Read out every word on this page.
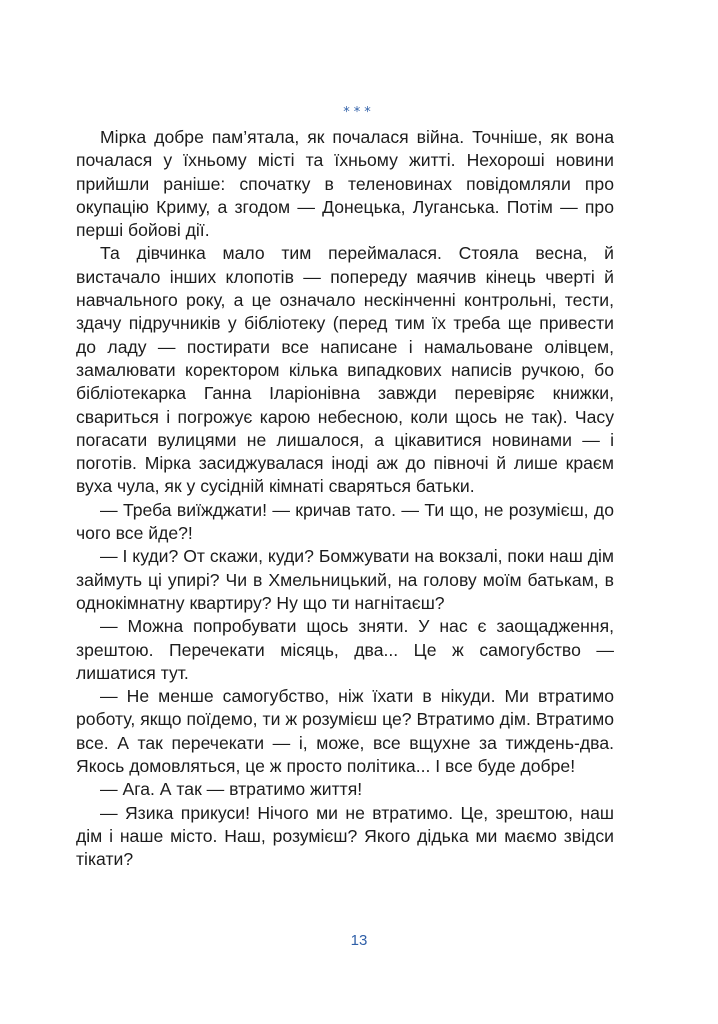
***

Мірка добре пам’ятала, як почалася війна. Точніше, як вона почалася у їхньому місті та їхньому житті. Нехороші новини прийшли раніше: спочатку в теленовинах повідомляли про окупацію Криму, а згодом — Донецька, Луганська. Потім — про перші бойові дії.

Та дівчинка мало тим переймалася. Стояла весна, й вистачало інших клопотів — попереду маячив кінець чверті й навчального року, а це означало нескінченні контрольні, тести, здачу підручників у бібліотеку (перед тим їх треба ще привести до ладу — постирати все написане і намальоване олівцем, замалювати коректором кілька випадкових написів ручкою, бо бібліотекарка Ганна Іларіонівна завжди перевіряє книжки, свариться і погрожує карою небесною, коли щось не так). Часу погасати вулицями не лишалося, а цікавитися новинами — і поготів. Мірка засиджувалася іноді аж до півночі й лише краєм вуха чула, як у сусідній кімнаті сваряться батьки.

— Треба виїжджати! — кричав тато. — Ти що, не розумієш, до чого все йде?!

— І куди? От скажи, куди? Бомжувати на вокзалі, поки наш дім займуть ці упирі? Чи в Хмельницький, на голову моїм батькам, в однокімнатну квартиру? Ну що ти нагнітаєш?

— Можна попробувати щось зняти. У нас є заощадження, зрештою. Перечекати місяць, два... Це ж самогубство — лишатися тут.

— Не менше самогубство, ніж їхати в нікуди. Ми втратимо роботу, якщо поїдемо, ти ж розумієш це? Втратимо дім. Втратимо все. А так перечекати — і, може, все вщухне за тиждень-два. Якось домовляться, це ж просто політика... І все буде добре!

— Ага. А так — втратимо життя!

— Язика прикуси! Нічого ми не втратимо. Це, зрештою, наш дім і наше місто. Наш, розумієш? Якого дідька ми маємо звідси тікати?

13
